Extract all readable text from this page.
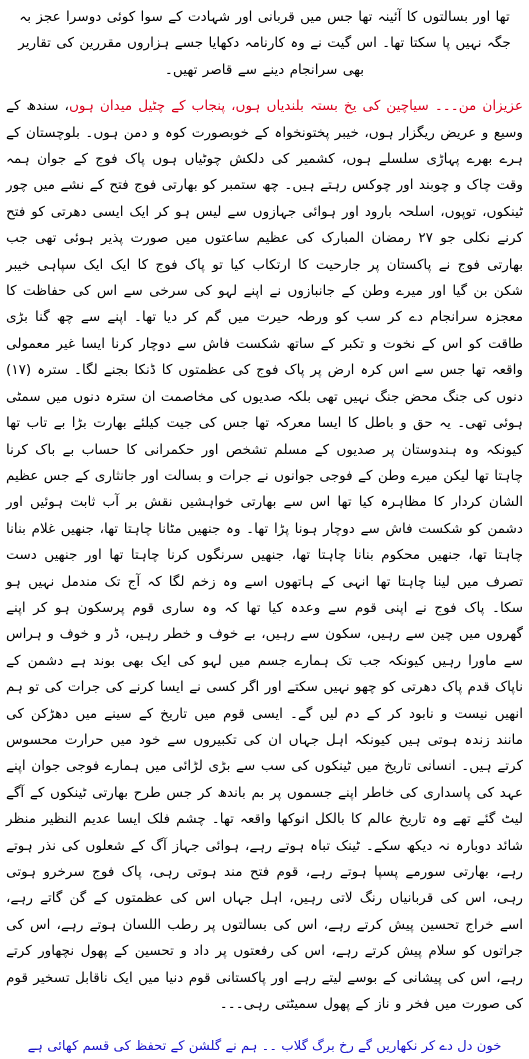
تھا اور بسالتوں کا آئینہ تھا جس میں قربانی اور شہادت کے سوا کوئی دوسرا عجز بہ جگہ نہیں پا سکتا تھا۔ اس گیت نے وہ کارنامہ دکھایا جسے ہزاروں مقررین کی تقاریر بھی سرانجام دینے سے قاصر تھیں۔

عزیزان من۔۔۔ سیاچین کی یخ بستہ بلندیاں ہوں، پنجاب کے چٹیل میدان ہوں، سندھ کے وسیع و عریض ریگزار ہوں، خیبر پختونخواہ کے خوبصورت کوہ و دمن ہوں۔ بلوچستان کے ہرے بھرے پہاڑی سلسلے ہوں، کشمیر کی دلکش چوٹیاں ہوں پاک فوج کے جوان ہمہ وقت چاک و چوبند اور چوکس رہتے ہیں۔ چھ ستمبر کو بھارتی فوج فتح کے نشے میں چور ٹینکوں، توپوں، اسلحہ بارود اور ہوائی جہازوں سے لیس ہو کر ایک ایسی دھرتی کو فتح کرنے نکلی جو ۲۷ رمضان المبارک کی عظیم ساعتوں میں صورت پذیر ہوئی تھی جب بھارتی فوج نے پاکستان پر جارحیت کا ارتکاب کیا تو پاک فوج کا ایک ایک سپاہی خیبر شکن بن گیا اور میرے وطن کے جانبازوں نے اپنے لہو کی سرخی سے اس کی حفاظت کا معجزہ سرانجام دے کر سب کو ورطہ حیرت میں گم کر دیا تھا۔ اپنے سے چھ گنا بڑی طاقت کو اس کے نخوت و تکبر کے ساتھ شکست فاش سے دوچار کرنا ایسا غیر معمولی واقعہ تھا جس سے اس کرہ ارض پر پاک فوج کی عظمتوں کا ڈنکا بجنے لگا۔ سترہ (۱۷) دنوں کی جنگ محض جنگ نہیں تھی بلکہ صدیوں کی مخاصمت ان سترہ دنوں میں سمٹی ہوئی تھی۔ یہ حق و باطل کا ایسا معرکہ تھا جس کی جیت کیلئے بھارت بڑا بے تاب تھا کیونکہ وہ ہندوستان پر صدیوں کے مسلم تشخص اور حکمرانی کا حساب بے باک کرنا چاہتا تھا لیکن میرے وطن کے فوجی جوانوں نے جرات و بسالت اور جانثاری کے جس عظیم الشان کردار کا مظاہرہ کیا تھا اس سے بھارتی خواہشیں نقش بر آب ثابت ہوئیں اور دشمن کو شکست فاش سے دوچار ہونا پڑا تھا۔ وہ جنھیں مٹانا چاہتا تھا، جنھیں غلام بنانا چاہتا تھا، جنھیں محکوم بنانا چاہتا تھا، جنھیں سرنگوں کرنا چاہتا تھا اور جنھیں دست تصرف میں لینا چاہتا تھا انہی کے ہاتھوں اسے وہ زخم لگا کہ آج تک مندمل نہیں ہو سکا۔ پاک فوج نے اپنی قوم سے وعدہ کیا تھا کہ وہ ساری قوم پرسکون ہو کر اپنے گھروں میں چین سے رہیں، سکون سے رہیں، بے خوف و خطر رہیں، ڈر و خوف و ہراس سے ماورا رہیں کیونکہ جب تک ہمارے جسم میں لہو کی ایک بھی بوند ہے دشمن کے ناپاک قدم پاک دھرتی کو چھو نہیں سکتے اور اگر کسی نے ایسا کرنے کی جرات کی تو ہم انھیں نیست و نابود کر کے دم لیں گے۔ ایسی قوم میں تاریخ کے سینے میں دھڑکن کی مانند زندہ ہوتی ہیں کیونکہ اہل جہاں ان کی تکبیروں سے خود میں حرارت محسوس کرتے ہیں۔ انسانی تاریخ میں ٹینکوں کی سب سے بڑی لڑائی میں ہمارے فوجی جوان اپنے عہد کی پاسداری کی خاطر اپنے جسموں پر بم باندھ کر جس طرح بھارتی ٹینکوں کے آگے لیٹ گئے تھے وہ تاریخ عالم کا بالکل انوکھا واقعہ تھا۔ چشم فلک ایسا عدیم النظیر منظر شائد دوبارہ نہ دیکھ سکے۔ ٹینک تباہ ہوتے رہے، ہوائی جہاز آگ کے شعلوں کی نذر ہوتے رہے، بھارتی سورمے پسپا ہوتے رہے، قوم فتح مند ہوتی رہی، پاک فوج سرخرو ہوتی رہی، اس کی قربانیاں رنگ لاتی رہیں، اہل جہاں اس کی عظمتوں کے گن گاتے رہے، اسے خراج تحسین پیش کرتے رہے، اس کی بسالتوں پر رطب اللسان ہوتے رہے، اس کی جراتوں کو سلام پیش کرتے رہے، اس کی رفعتوں پر داد و تحسین کے پھول نچھاور کرتے رہے، اس کی پیشانی کے بوسے لیتے رہے اور پاکستانی قوم دنیا میں ایک ناقابل تسخیر قوم کی صورت میں فخر و ناز کے پھول سمیٹتی رہی۔۔۔

خون دل دے کر نکھاریں گے رخ برگ گلاب ۔۔ ہم نے گلشن کے تحفظ کی قسم کھائی ہے
